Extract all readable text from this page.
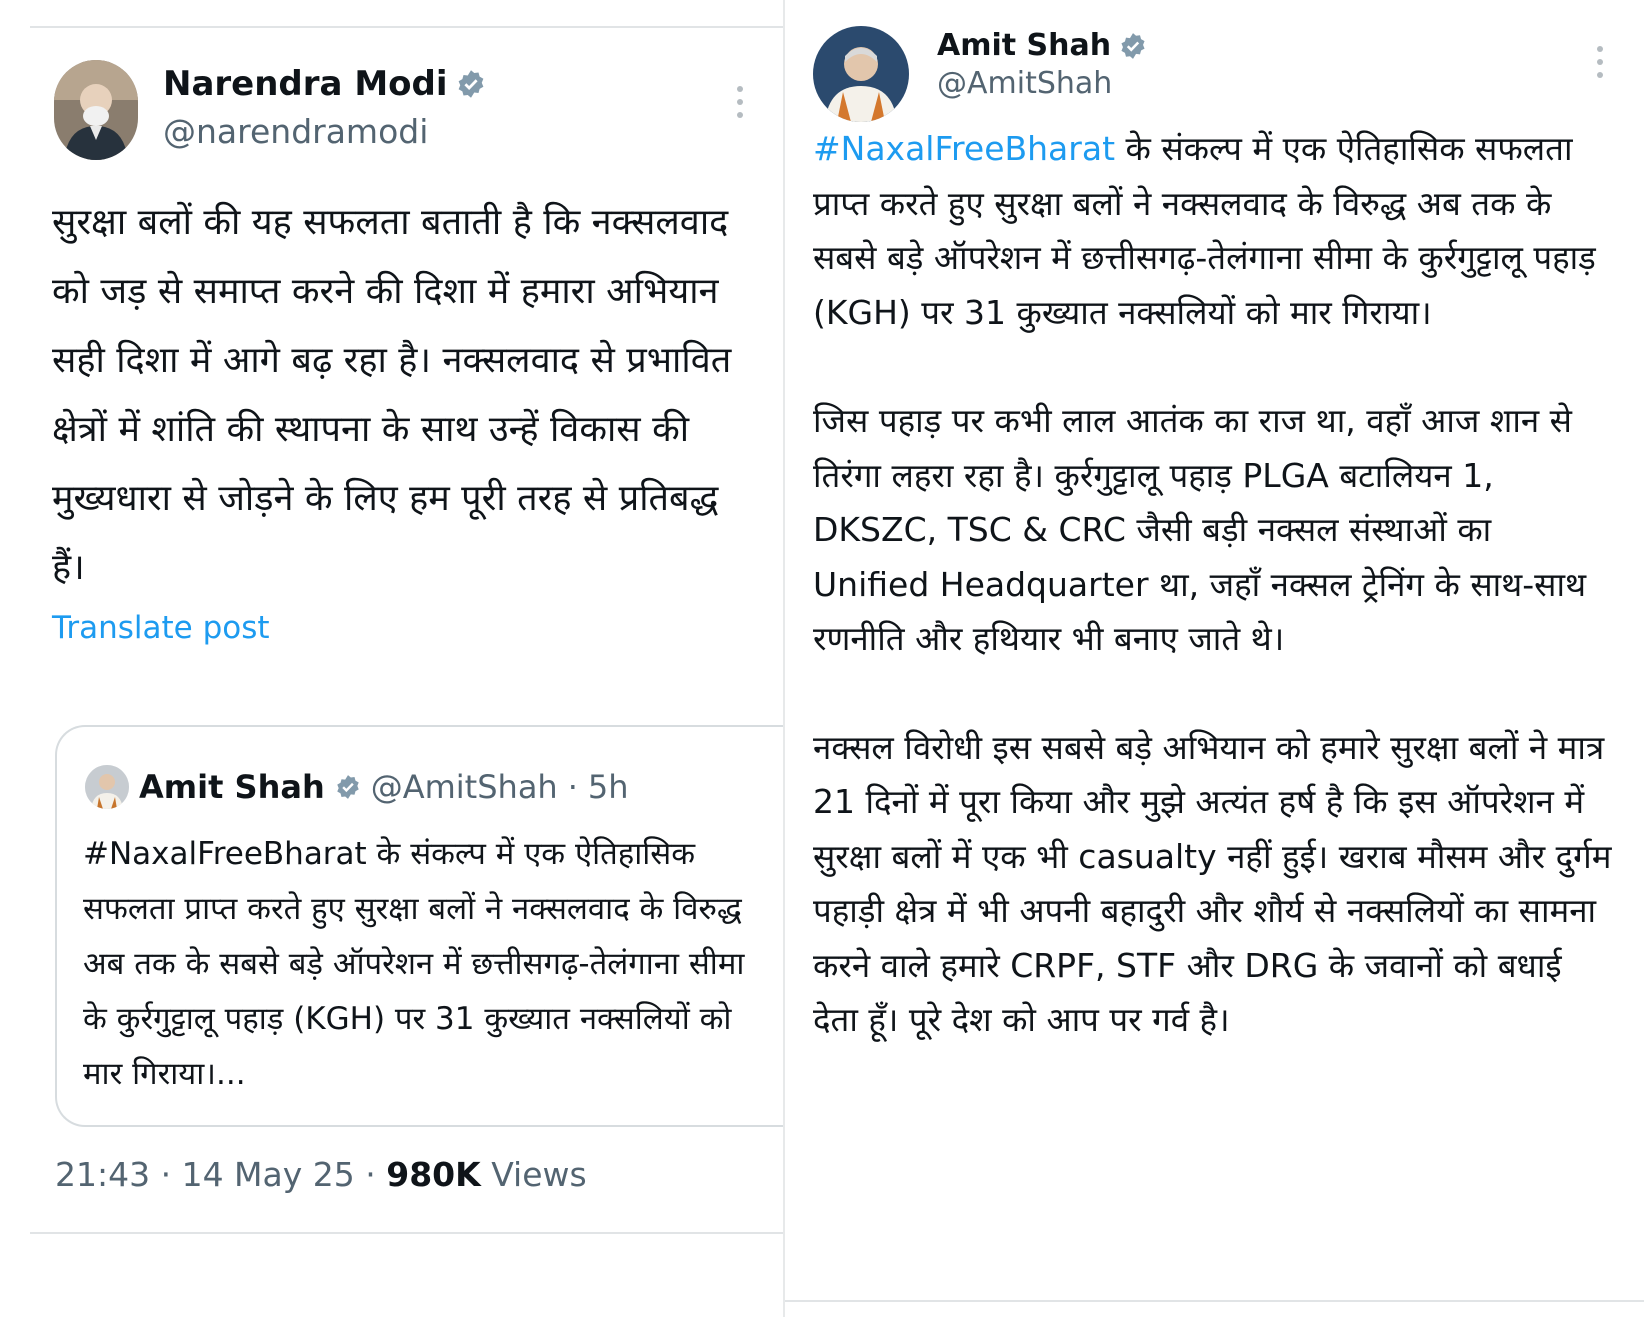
Narendra Modi
@narendramodi
सुरक्षा बलों की यह सफलता बताती है कि नक्सलवाद को जड़ से समाप्त करने की दिशा में हमारा अभियान सही दिशा में आगे बढ़ रहा है। नक्सलवाद से प्रभावित क्षेत्रों में शांति की स्थापना के साथ उन्हें विकास की मुख्यधारा से जोड़ने के लिए हम पूरी तरह से प्रतिबद्ध हैं।
Translate post
Amit Shah @AmitShah · 5h
#NaxalFreeBharat के संकल्प में एक ऐतिहासिक सफलता प्राप्त करते हुए सुरक्षा बलों ने नक्सलवाद के विरुद्ध अब तक के सबसे बड़े ऑपरेशन में छत्तीसगढ़-तेलंगाना सीमा के कुर्रगुट्टालू पहाड़ (KGH) पर 31 कुख्यात नक्सलियों को मार गिराया।...
21:43 · 14 May 25 · 980K Views
Amit Shah
@AmitShah

#NaxalFreeBharat के संकल्प में एक ऐतिहासिक सफलता प्राप्त करते हुए सुरक्षा बलों ने नक्सलवाद के विरुद्ध अब तक के सबसे बड़े ऑपरेशन में छत्तीसगढ़-तेलंगाना सीमा के कुर्रगुट्टालू पहाड़ (KGH) पर 31 कुख्यात नक्सलियों को मार गिराया।

जिस पहाड़ पर कभी लाल आतंक का राज था, वहाँ आज शान से तिरंगा लहरा रहा है। कुर्रगुट्टालू पहाड़ PLGA बटालियन 1, DKSZC, TSC & CRC जैसी बड़ी नक्सल संस्थाओं का Unified Headquarter था, जहाँ नक्सल ट्रेनिंग के साथ-साथ रणनीति और हथियार भी बनाए जाते थे।

नक्सल विरोधी इस सबसे बड़े अभियान को हमारे सुरक्षा बलों ने मात्र 21 दिनों में पूरा किया और मुझे अत्यंत हर्ष है कि इस ऑपरेशन में सुरक्षा बलों में एक भी casualty नहीं हुई। खराब मौसम और दुर्गम पहाड़ी क्षेत्र में भी अपनी बहादुरी और शौर्य से नक्सलियों का सामना करने वाले हमारे CRPF, STF और DRG के जवानों को बधाई देता हूँ। पूरे देश को आप पर गर्व है।
